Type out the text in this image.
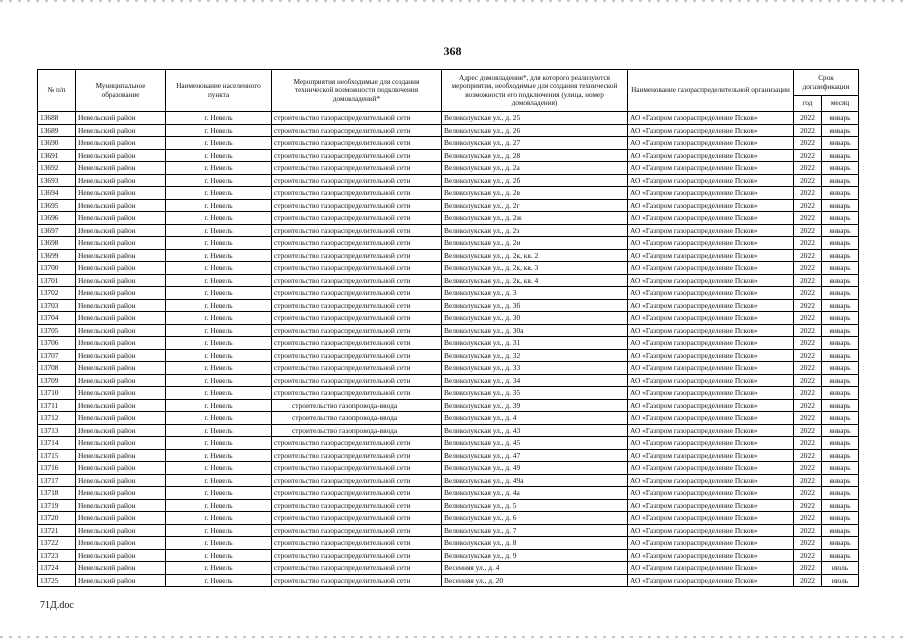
368
№ п/п	Муниципальное образование	Наименование населенного пункта	Мероприятия необходимые для создания технической возможности подключения домовладений*	Адрес домовладения*, для которого реализуются мероприятия, необходимые для создания технической возможности его подключения (улица, номер домовладения)	Наименование газораспределительной организации	Срок догазификации	
						год	месяц
13688	Невельский район	г. Невель	строительство газораспределительной сети	Великолукская ул., д. 25	АО «Газпром газораспределение Псков»	2022	январь
13689	Невельский район	г. Невель	строительство газораспределительной сети	Великолукская ул., д. 26	АО «Газпром газораспределение Псков»	2022	январь
13690	Невельский район	г. Невель	строительство газораспределительной сети	Великолукская ул., д. 27	АО «Газпром газораспределение Псков»	2022	январь
13691	Невельский район	г. Невель	строительство газораспределительной сети	Великолукская ул., д. 28	АО «Газпром газораспределение Псков»	2022	январь
13692	Невельский район	г. Невель	строительство газораспределительной сети	Великолукская ул., д. 2а	АО «Газпром газораспределение Псков»	2022	январь
13693	Невельский район	г. Невель	строительство газораспределительной сети	Великолукская ул., д. 2б	АО «Газпром газораспределение Псков»	2022	январь
13694	Невельский район	г. Невель	строительство газораспределительной сети	Великолукская ул., д. 2в	АО «Газпром газораспределение Псков»	2022	январь
13695	Невельский район	г. Невель	строительство газораспределительной сети	Великолукская ул., д. 2г	АО «Газпром газораспределение Псков»	2022	январь
13696	Невельский район	г. Невель	строительство газораспределительной сети	Великолукская ул., д. 2ж	АО «Газпром газораспределение Псков»	2022	январь
13697	Невельский район	г. Невель	строительство газораспределительной сети	Великолукская ул., д. 2з	АО «Газпром газораспределение Псков»	2022	январь
13698	Невельский район	г. Невель	строительство газораспределительной сети	Великолукская ул., д. 2и	АО «Газпром газораспределение Псков»	2022	январь
13699	Невельский район	г. Невель	строительство газораспределительной сети	Великолукская ул., д. 2к, кв. 2	АО «Газпром газораспределение Псков»	2022	январь
13700	Невельский район	г. Невель	строительство газораспределительной сети	Великолукская ул., д. 2к, кв. 3	АО «Газпром газораспределение Псков»	2022	январь
13701	Невельский район	г. Невель	строительство газораспределительной сети	Великолукская ул., д. 2к, кв. 4	АО «Газпром газораспределение Псков»	2022	январь
13702	Невельский район	г. Невель	строительство газораспределительной сети	Великолукская ул., д. 3	АО «Газпром газораспределение Псков»	2022	январь
13703	Невельский район	г. Невель	строительство газораспределительной сети	Великолукская ул., д. 3б	АО «Газпром газораспределение Псков»	2022	январь
13704	Невельский район	г. Невель	строительство газораспределительной сети	Великолукская ул., д. 30	АО «Газпром газораспределение Псков»	2022	январь
13705	Невельский район	г. Невель	строительство газораспределительной сети	Великолукская ул., д. 30а	АО «Газпром газораспределение Псков»	2022	январь
13706	Невельский район	г. Невель	строительство газораспределительной сети	Великолукская ул., д. 31	АО «Газпром газораспределение Псков»	2022	январь
13707	Невельский район	г. Невель	строительство газораспределительной сети	Великолукская ул., д. 32	АО «Газпром газораспределение Псков»	2022	январь
13708	Невельский район	г. Невель	строительство газораспределительной сети	Великолукская ул., д. 33	АО «Газпром газораспределение Псков»	2022	январь
13709	Невельский район	г. Невель	строительство газораспределительной сети	Великолукская ул., д. 34	АО «Газпром газораспределение Псков»	2022	январь
13710	Невельский район	г. Невель	строительство газораспределительной сети	Великолукская ул., д. 35	АО «Газпром газораспределение Псков»	2022	январь
13711	Невельский район	г. Невель	строительство газопровода-ввода	Великолукская ул., д. 39	АО «Газпром газораспределение Псков»	2022	январь
13712	Невельский район	г. Невель	строительство газопровода-ввода	Великолукская ул., д. 4	АО «Газпром газораспределение Псков»	2022	январь
13713	Невельский район	г. Невель	строительство газопровода-ввода	Великолукская ул., д. 43	АО «Газпром газораспределение Псков»	2022	январь
13714	Невельский район	г. Невель	строительство газораспределительной сети	Великолукская ул., д. 45	АО «Газпром газораспределение Псков»	2022	январь
13715	Невельский район	г. Невель	строительство газораспределительной сети	Великолукская ул., д. 47	АО «Газпром газораспределение Псков»	2022	январь
13716	Невельский район	г. Невель	строительство газораспределительной сети	Великолукская ул., д. 49	АО «Газпром газораспределение Псков»	2022	январь
13717	Невельский район	г. Невель	строительство газораспределительной сети	Великолукская ул., д. 49а	АО «Газпром газораспределение Псков»	2022	январь
13718	Невельский район	г. Невель	строительство газораспределительной сети	Великолукская ул., д. 4а	АО «Газпром газораспределение Псков»	2022	январь
13719	Невельский район	г. Невель	строительство газораспределительной сети	Великолукская ул., д. 5	АО «Газпром газораспределение Псков»	2022	январь
13720	Невельский район	г. Невель	строительство газораспределительной сети	Великолукская ул., д. 6	АО «Газпром газораспределение Псков»	2022	январь
13721	Невельский район	г. Невель	строительство газораспределительной сети	Великолукская ул., д. 7	АО «Газпром газораспределение Псков»	2022	январь
13722	Невельский район	г. Невель	строительство газораспределительной сети	Великолукская ул., д. 8	АО «Газпром газораспределение Псков»	2022	январь
13723	Невельский район	г. Невель	строительство газораспределительной сети	Великолукская ул., д. 9	АО «Газпром газораспределение Псков»	2022	январь
13724	Невельский район	г. Невель	строительство газораспределительной сети	Весенняя ул., д. 4	АО «Газпром газораспределение Псков»	2022	июль
13725	Невельский район	г. Невель	строительство газораспределительной сети	Весенняя ул., д. 20	АО «Газпром газораспределение Псков»	2022	июль
71Д.doc
